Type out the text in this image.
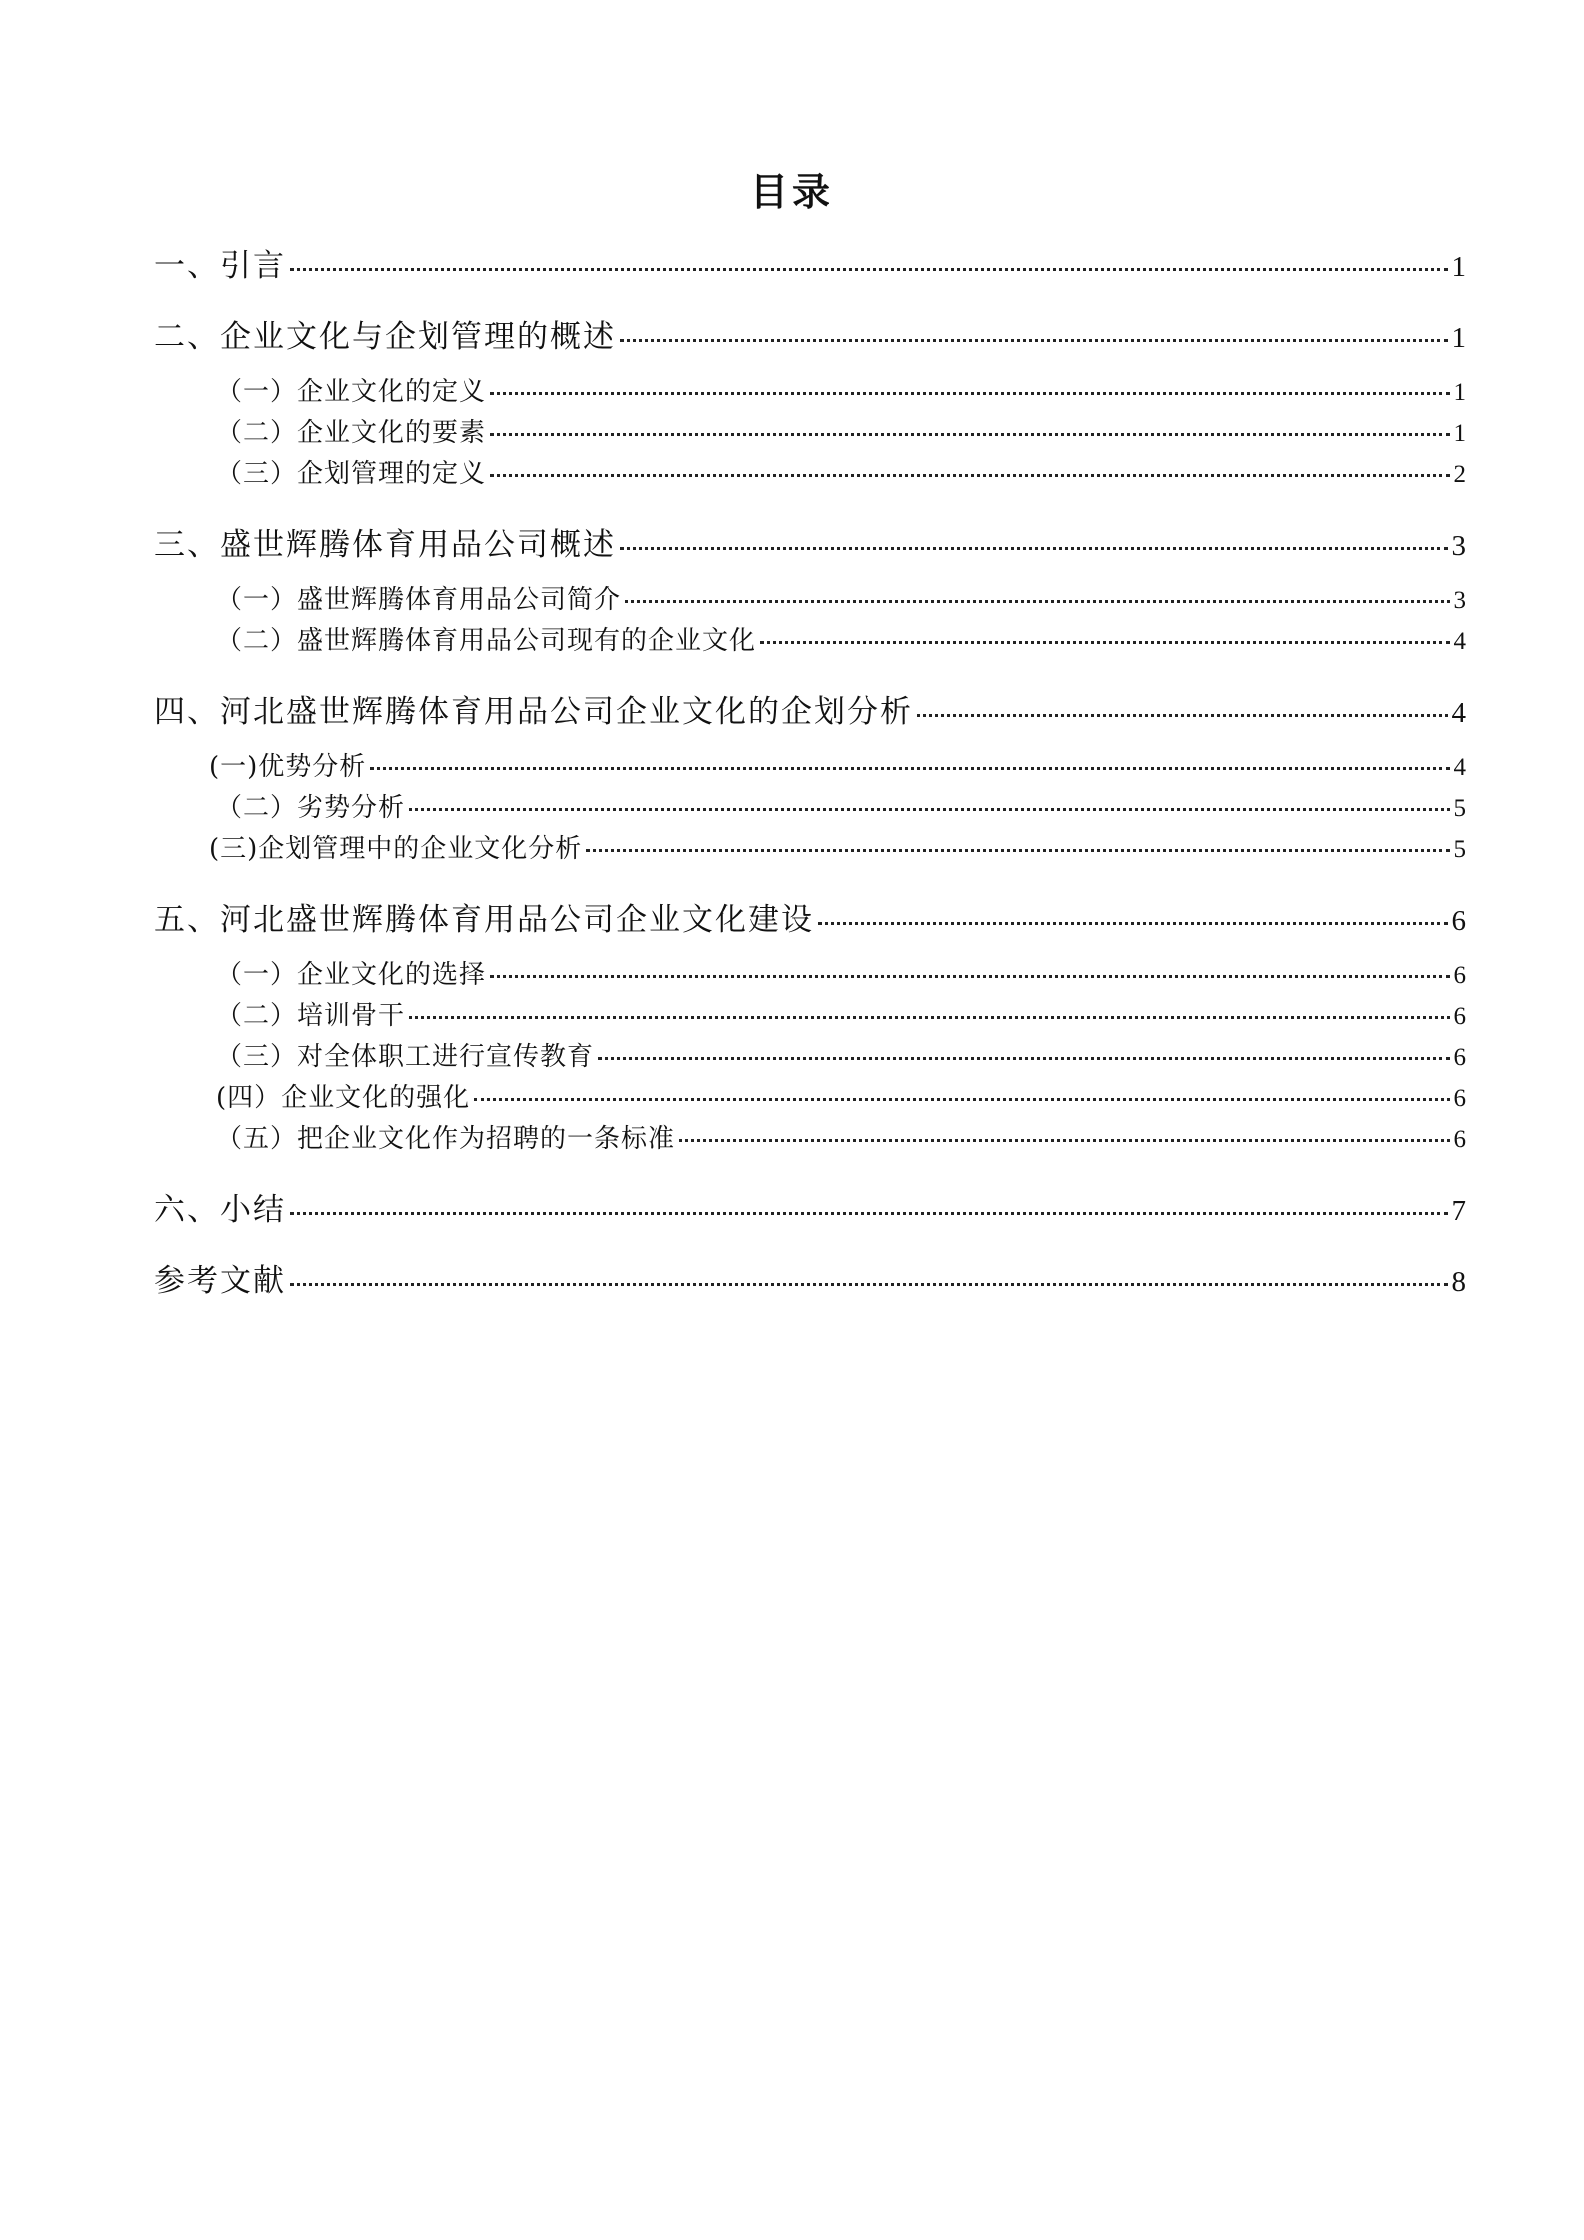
目录
一、引言	1
二、企业文化与企划管理的概述	1
（一）企业文化的定义	1
（二）企业文化的要素	1
（三）企划管理的定义	2
三、盛世辉腾体育用品公司概述	3
（一）盛世辉腾体育用品公司简介	3
（二）盛世辉腾体育用品公司现有的企业文化	4
四、河北盛世辉腾体育用品公司企业文化的企划分析	4
(一)优势分析	4
（二）劣势分析	5
(三)企划管理中的企业文化分析	5
五、河北盛世辉腾体育用品公司企业文化建设	6
（一）企业文化的选择	6
（二）培训骨干	6
（三）对全体职工进行宣传教育	6
(四）企业文化的强化	6
（五）把企业文化作为招聘的一条标准	6
六、小结	7
参考文献	8
